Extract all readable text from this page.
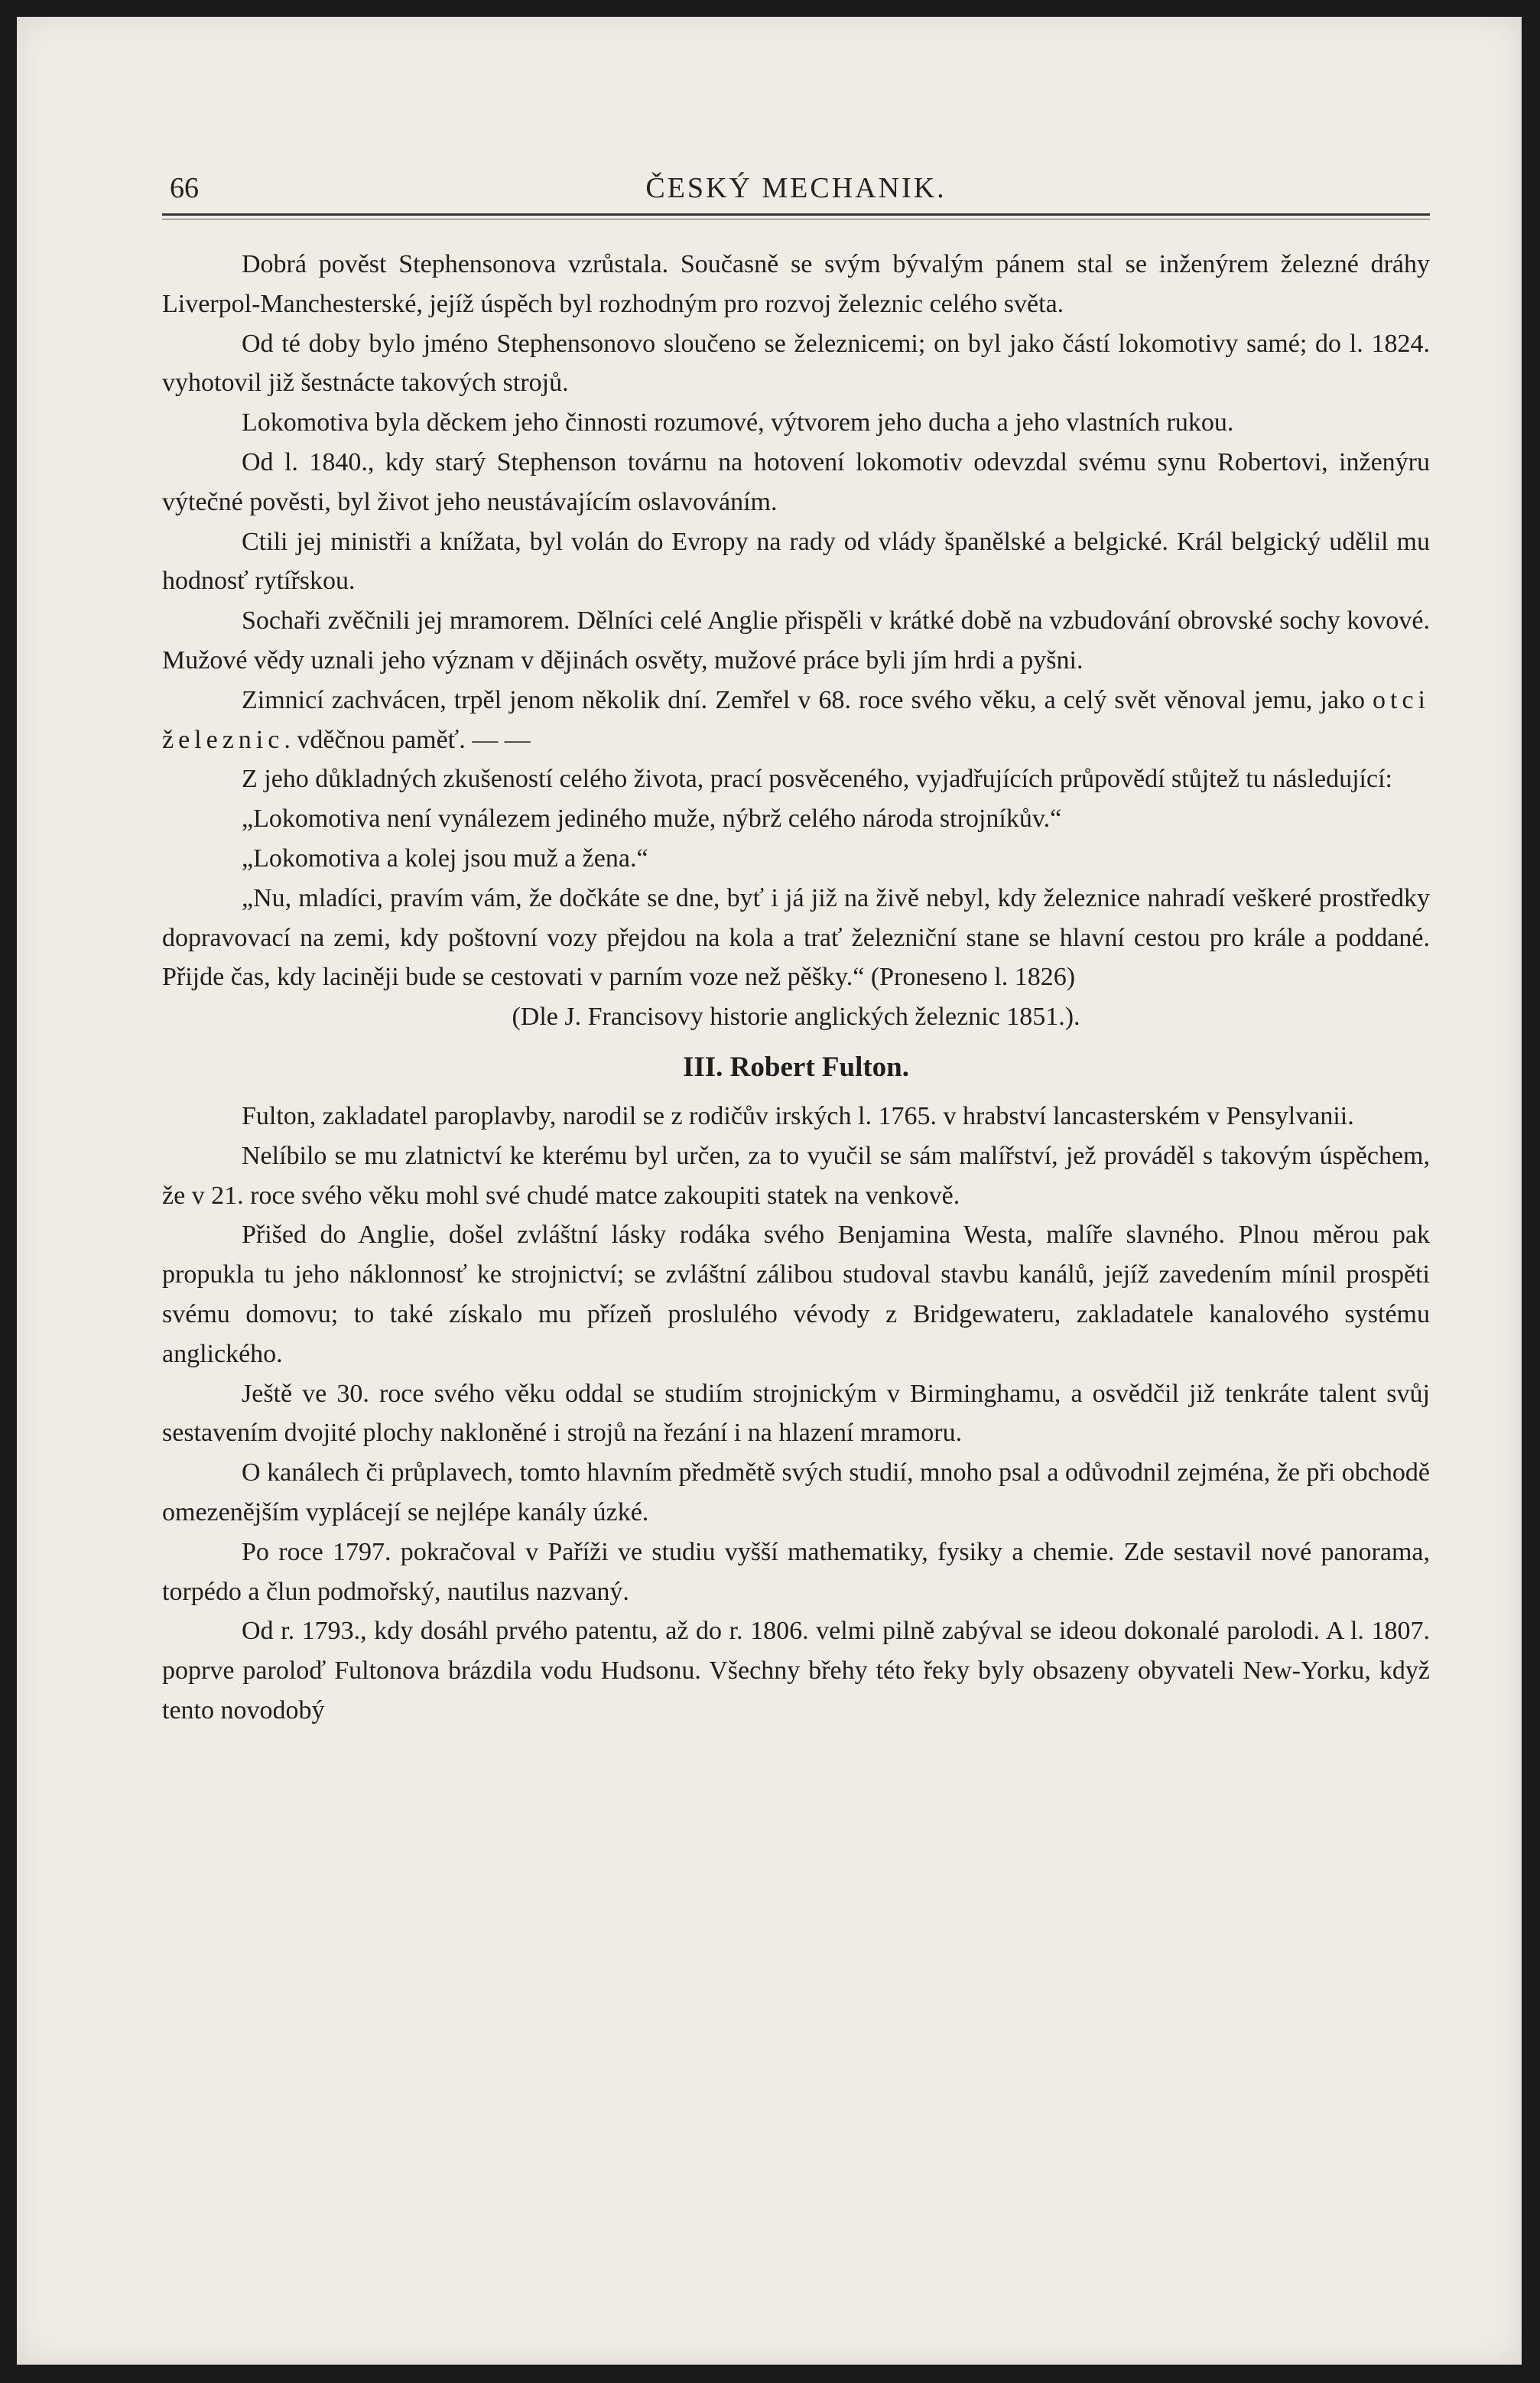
66	ČESKÝ MECHANIK.

Dobrá pověst Stephensonova vzrůstala. Současně se svým bývalým pánem stal se inženýrem železné dráhy Liverpol-Manchesterské, jejíž úspěch byl rozhodným pro rozvoj železnic celého světa.

Od té doby bylo jméno Stephensonovo sloučeno se železnicemi; on byl jako částí lokomotivy samé; do l. 1824. vyhotovil již šestnácte takových strojů.

Lokomotiva byla děckem jeho činnosti rozumové, výtvorem jeho ducha a jeho vlastních rukou.

Od l. 1840., kdy starý Stephenson továrnu na hotovení lokomotiv odevzdal svému synu Robertovi, inženýru výtečné pověsti, byl život jeho neustávajícím oslavováním.

Ctili jej ministři a knížata, byl volán do Evropy na rady od vlády španělské a belgické. Král belgický udělil mu hodnosť rytířskou.

Sochaři zvěčnili jej mramorem. Dělníci celé Anglie přispěli v krátké době na vzbudování obrovské sochy kovové. Mužové vědy uznali jeho význam v dějinách osvěty, mužové práce byli jím hrdi a pyšni.

Zimnicí zachvácen, trpěl jenom několik dní. Zemřel v 68. roce svého věku, a celý svět věnoval jemu, jako otci železnic. vděčnou paměť. — —

Z jeho důkladných zkušeností celého života, prací posvěceného, vyjadřujících průpovědí stůjtež tu následující:

„Lokomotiva není vynálezem jediného muže, nýbrž celého národa strojníkův.“

„Lokomotiva a kolej jsou muž a žena.“

„Nu, mladíci, pravím vám, že dočkáte se dne, byť i já již na živě nebyl, kdy železnice nahradí veškeré prostředky dopravovací na zemi, kdy poštovní vozy přejdou na kola a trať železniční stane se hlavní cestou pro krále a poddané. Přijde čas, kdy laciněji bude se cestovati v parním voze než pěšky.“ (Proneseno l. 1826)

(Dle J. Francisovy historie anglických železnic 1851.).

III. Robert Fulton.

Fulton, zakladatel paroplavby, narodil se z rodičův irských l. 1765. v hrabství lancasterském v Pensylvanii.

Nelíbilo se mu zlatnictví ke kterému byl určen, za to vyučil se sám malířství, jež prováděl s takovým úspěchem, že v 21. roce svého věku mohl své chudé matce zakoupiti statek na venkově.

Přišed do Anglie, došel zvláštní lásky rodáka svého Benjamina Westa, malíře slavného. Plnou měrou pak propukla tu jeho náklonnosť ke strojnictví; se zvláštní zálibou studoval stavbu kanálů, jejíž zavedením mínil prospěti svému domovu; to také získalo mu přízeň proslulého vévody z Bridgewateru, zakladatele kanalového systému anglického.

Ještě ve 30. roce svého věku oddal se studiím strojnickým v Birminghamu, a osvědčil již tenkráte talent svůj sestavením dvojité plochy nakloněné i strojů na řezání i na hlazení mramoru.

O kanálech či průplavech, tomto hlavním předmětě svých studií, mnoho psal a odůvodnil zejména, že při obchodě omezenějším vyplácejí se nejlépe kanály úzké.

Po roce 1797. pokračoval v Paříži ve studiu vyšší mathematiky, fysiky a chemie. Zde sestavil nové panorama, torpédo a člun podmořský, nautilus nazvaný.

Od r. 1793., kdy dosáhl prvého patentu, až do r. 1806. velmi pilně zabýval se ideou dokonalé parolodi. A l. 1807. poprve paroloď Fultonova brázdila vodu Hudsonu. Všechny břehy této řeky byly obsazeny obyvateli New-Yorku, když tento novodobý
